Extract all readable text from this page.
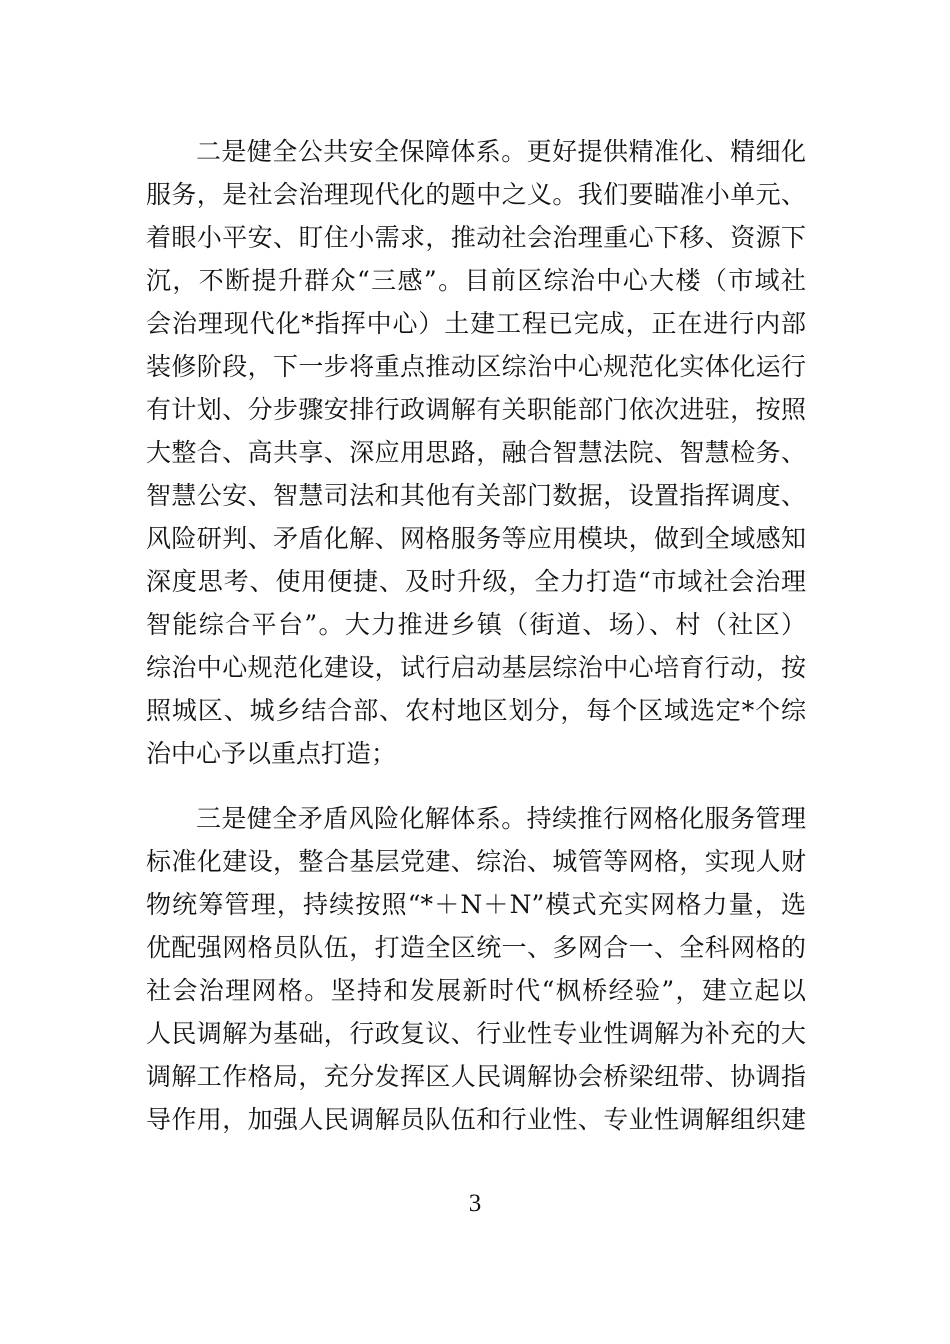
二是健全公共安全保障体系。更好提供精准化、精细化
服务，是社会治理现代化的题中之义。我们要瞄准小单元、
着眼小平安、盯住小需求，推动社会治理重心下移、资源下
沉，不断提升群众“三感”。目前区综治中心大楼（市域社
会治理现代化*指挥中心）土建工程已完成，正在进行内部
装修阶段，下一步将重点推动区综治中心规范化实体化运行
有计划、分步骤安排行政调解有关职能部门依次进驻，按照
大整合、高共享、深应用思路，融合智慧法院、智慧检务、
智慧公安、智慧司法和其他有关部门数据，设置指挥调度、
风险研判、矛盾化解、网格服务等应用模块，做到全域感知
深度思考、使用便捷、及时升级，全力打造“市域社会治理
智能综合平台”。大力推进乡镇（街道、场）、村（社区）
综治中心规范化建设，试行启动基层综治中心培育行动，按
照城区、城乡结合部、农村地区划分，每个区域选定*个综
治中心予以重点打造；
三是健全矛盾风险化解体系。持续推行网格化服务管理
标准化建设，整合基层党建、综治、城管等网格，实现人财
物统筹管理，持续按照“*＋N＋N”模式充实网格力量，选
优配强网格员队伍，打造全区统一、多网合一、全科网格的
社会治理网格。坚持和发展新时代“枫桥经验”，建立起以
人民调解为基础，行政复议、行业性专业性调解为补充的大
调解工作格局，充分发挥区人民调解协会桥梁纽带、协调指
导作用，加强人民调解员队伍和行业性、专业性调解组织建
3
